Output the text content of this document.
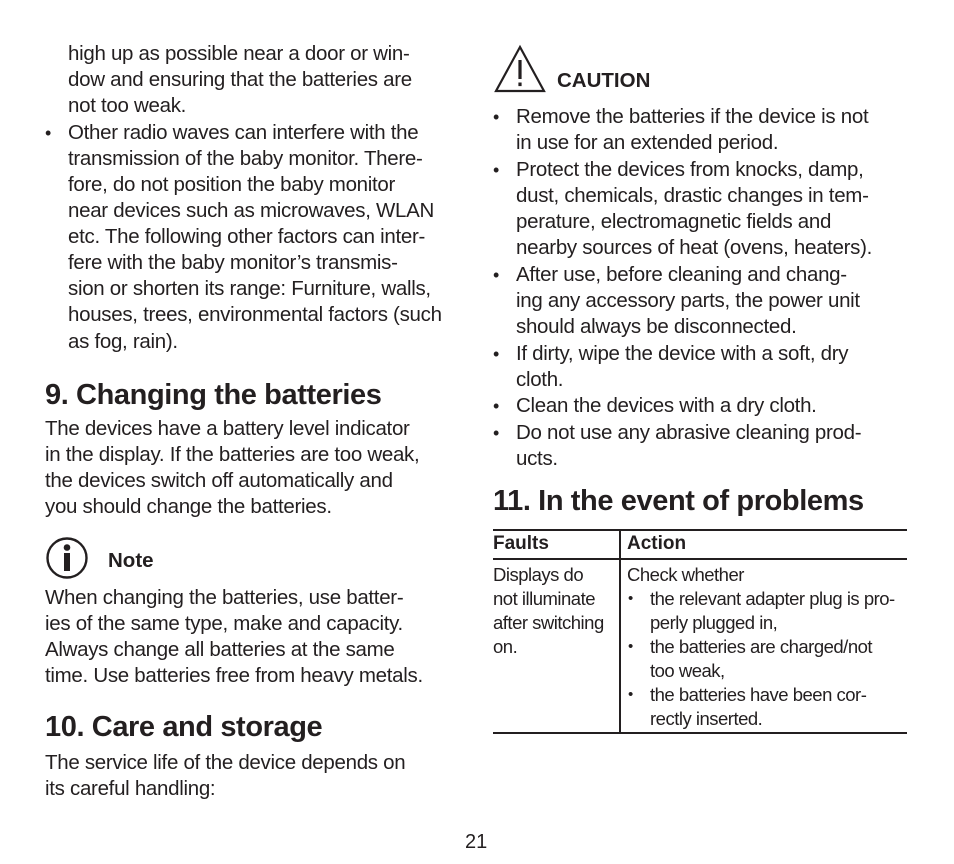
high up as possible near a door or win-

dow and ensuring that the batteries are

not too weak.

• Other radio waves can interfere with the

transmission of the baby monitor. There-

fore, do not position the baby monitor

near devices such as microwaves, WLAN

etc. The following other factors can inter-

fere with the baby monitor’s transmis-

sion or shorten its range: Furniture, walls,

houses, trees, environmental factors (such

as fog, rain).

9. Changing the batteries

The devices have a battery level indicator

in the display. If the batteries are too weak,

the devices switch off automatically and

you should change the batteries.

Note

When changing the batteries, use batter-

ies of the same type, make and capacity.

Always change all batteries at the same

time. Use batteries free from heavy metals.

10. Care and storage

The service life of the device depends on

its careful handling:

CAUTION

• Remove the batteries if the device is not

in use for an extended period.

• Protect the devices from knocks, damp,

dust, chemicals, drastic changes in tem-

perature, electromagnetic fields and

nearby sources of heat (ovens, heaters).

• After use, before cleaning and chang-

ing any accessory parts, the power unit

should always be disconnected.

• If dirty, wipe the device with a soft, dry

cloth.

• Clean the devices with a dry cloth.

• Do not use any abrasive cleaning prod-

ucts.

11. In the event of problems

Faults	Action

Displays do

not illuminate

after switching

on.

Check whether

• the relevant adapter plug is pro-

perly plugged in,

• the batteries are charged/not

too weak,

• the batteries have been cor-

rectly inserted.

21
